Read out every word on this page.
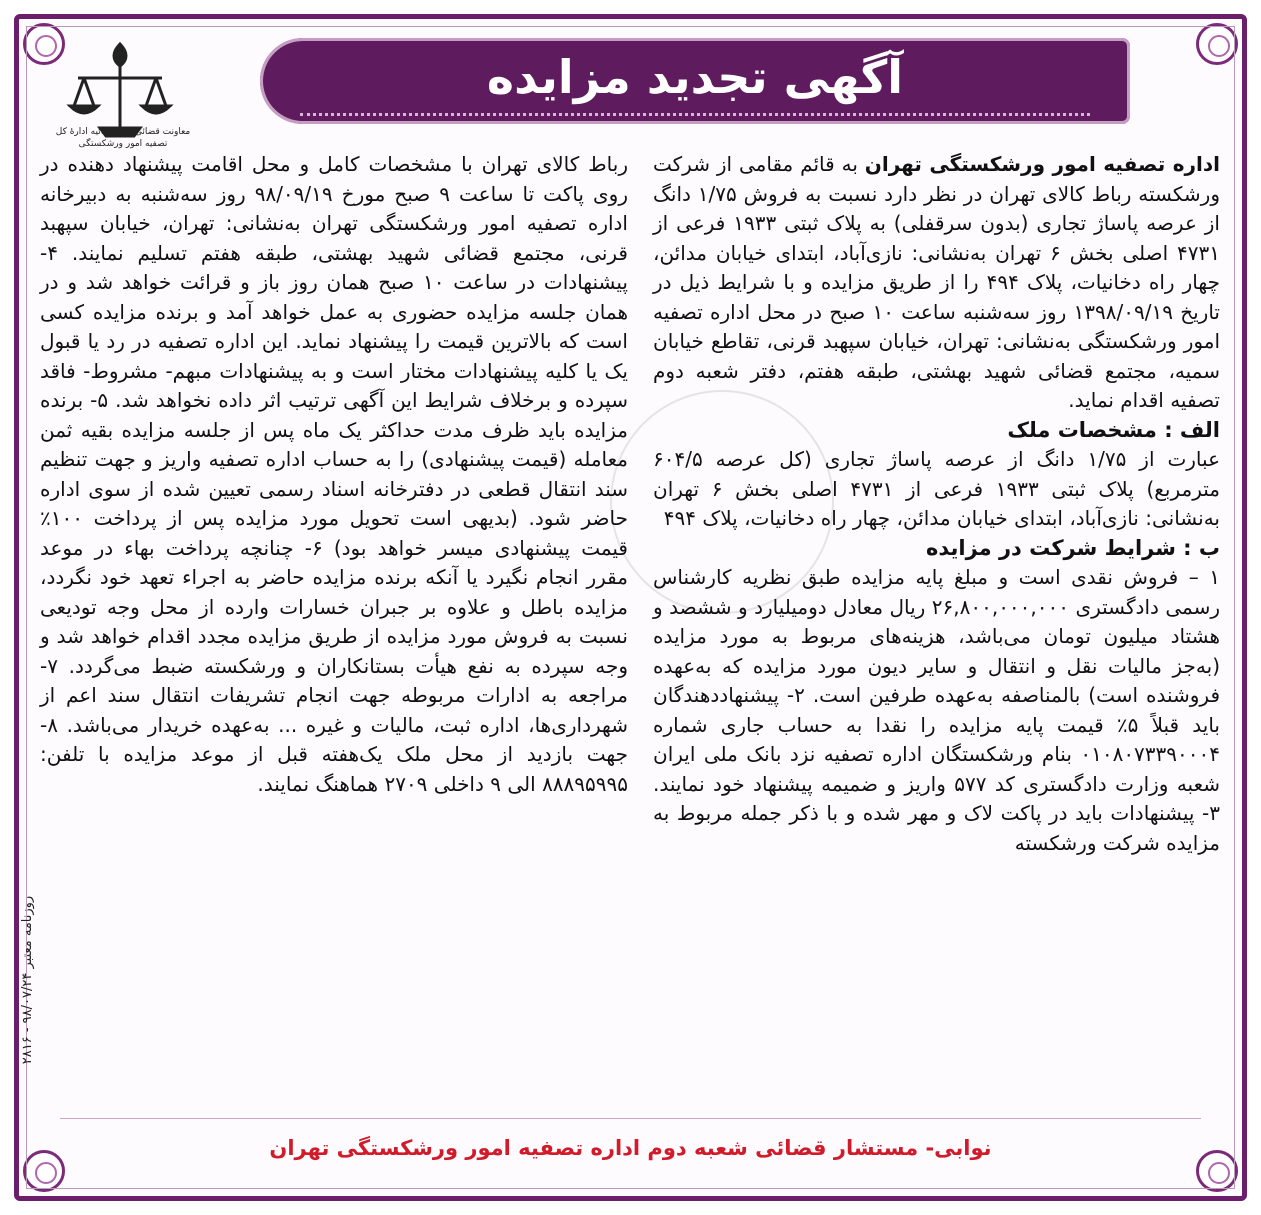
آگهی تجدید مزایده
معاونت قضائی قوه قضائیه ادارهٔ کل تصفیه امور ورشکستگی

اداره تصفیه امور ورشکستگی تهران به قائم مقامی از شرکت ورشکسته رباط کالای تهران در نظر دارد نسبت به فروش ۱/۷۵ دانگ از عرصه پاساژ تجاری (بدون سرقفلی) به پلاک ثبتی ۱۹۳۳ فرعی از ۴۷۳۱ اصلی بخش ۶ تهران به‌نشانی: نازی‌آباد، ابتدای خیابان مدائن، چهار راه دخانیات، پلاک ۴۹۴ را از طریق مزایده و با شرایط ذیل در تاریخ ۱۳۹۸/۰۹/۱۹ روز سه‌شنبه ساعت ۱۰ صبح در محل اداره تصفیه امور ورشکستگی به‌نشانی: تهران، خیابان سپهبد قرنی، تقاطع خیابان سمیه، مجتمع قضائی شهید بهشتی، طبقه هفتم، دفتر شعبه دوم تصفیه اقدام نماید.

الف : مشخصات ملک

عبارت از ۱/۷۵ دانگ از عرصه پاساژ تجاری (کل عرصه ۶۰۴/۵ مترمربع) پلاک ثبتی ۱۹۳۳ فرعی از ۴۷۳۱ اصلی بخش ۶ تهران به‌نشانی: نازی‌آباد، ابتدای خیابان مدائن، چهار راه دخانیات، پلاک ۴۹۴

ب : شرایط شرکت در مزایده

۱ – فروش نقدی است و مبلغ پایه مزایده طبق نظریه کارشناس رسمی دادگستری ۲۶,۸۰۰,۰۰۰,۰۰۰ ریال معادل دومیلیارد و ششصد و هشتاد میلیون تومان می‌باشد، هزینه‌های مربوط به مورد مزایده (به‌جز مالیات نقل و انتقال و سایر دیون مورد مزایده که به‌عهده فروشنده است) بالمناصفه به‌عهده طرفین است. ۲- پیشنهاددهندگان باید قبلاً ۵٪ قیمت پایه مزایده را نقدا به حساب جاری شماره ۰۱۰۸۰۷۳۳۹۰۰۰۴ بنام ورشکستگان اداره تصفیه نزد بانک ملی ایران شعبه وزارت دادگستری کد ۵۷۷ واریز و ضمیمه پیشنهاد خود نمایند. ۳- پیشنهادات باید در پاکت لاک و مهر شده و با ذکر جمله مربوط به مزایده شرکت ورشکسته

رباط کالای تهران با مشخصات کامل و محل اقامت پیشنهاد دهنده در روی پاکت تا ساعت ۹ صبح مورخ ۹۸/۰۹/۱۹ روز سه‌شنبه به دبیرخانه اداره تصفیه امور ورشکستگی تهران به‌نشانی: تهران، خیابان سپهبد قرنی، مجتمع قضائی شهید بهشتی، طبقه هفتم تسلیم نمایند. ۴- پیشنهادات در ساعت ۱۰ صبح همان روز باز و قرائت خواهد شد و در همان جلسه مزایده حضوری به عمل خواهد آمد و برنده مزایده کسی است که بالاترین قیمت را پیشنهاد نماید. این اداره تصفیه در رد یا قبول یک یا کلیه پیشنهادات مختار است و به پیشنهادات مبهم- مشروط- فاقد سپرده و برخلاف شرایط این آگهی ترتیب اثر داده نخواهد شد. ۵- برنده مزایده باید ظرف مدت حداکثر یک ماه پس از جلسه مزایده بقیه ثمن معامله (قیمت پیشنهادی) را به حساب اداره تصفیه واریز و جهت تنظیم سند انتقال قطعی در دفترخانه اسناد رسمی تعیین شده از سوی اداره حاضر شود. (بدیهی است تحویل مورد مزایده پس از پرداخت ۱۰۰٪ قیمت پیشنهادی میسر خواهد بود) ۶- چنانچه پرداخت بهاء در موعد مقرر انجام نگیرد یا آنکه برنده مزایده حاضر به اجراء تعهد خود نگردد، مزایده باطل و علاوه بر جبران خسارات وارده از محل وجه تودیعی نسبت به فروش مورد مزایده از طریق مزایده مجدد اقدام خواهد شد و وجه سپرده به نفع هیأت بستانکاران و ورشکسته ضبط می‌گردد. ۷- مراجعه به ادارات مربوطه جهت انجام تشریفات انتقال سند اعم از شهرداری‌ها، اداره ثبت، مالیات و غیره ... به‌عهده خریدار می‌باشد. ۸- جهت بازدید از محل ملک یک‌هفته قبل از موعد مزایده با تلفن: ۸۸۸۹۵۹۹۵ الی ۹ داخلی ۲۷۰۹ هماهنگ نمایند.

روزنامه معتبر ۹۸/۰۷/۲۴ - ۲۸۱۶
نوابی- مستشار قضائی شعبه دوم اداره تصفیه امور ورشکستگی تهران
